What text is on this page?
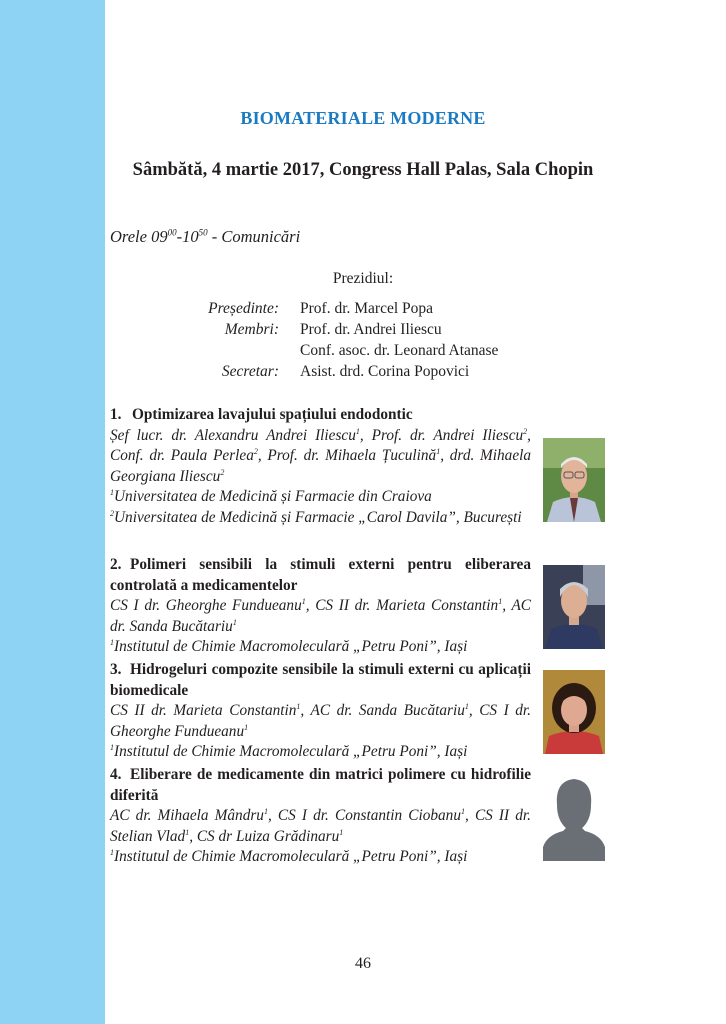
BIOMATERIALE MODERNE
Sâmbătă, 4 martie 2017, Congress Hall Palas, Sala Chopin
Orele $09^{00}-10^{50}$ - Comunicări
Prezidiul:
Președinte:	Prof. dr. Marcel Popa
Membri:	Prof. dr. Andrei Iliescu
Conf. asoc. dr. Leonard Atanase
Secretar:	Asist. drd. Corina Popovici
1. Optimizarea lavajului spațiului endodontic
Șef lucr. dr. Alexandru Andrei Iliescu$^1$, Prof. dr. Andrei Iliescu$^2$, Conf. dr. Paula Perlea$^2$, Prof. dr. Mihaela Țuculină$^1$, drd. Mihaela Georgiana Iliescu$^2$
$^1$Universitatea de Medicină și Farmacie din Craiova
$^2$Universitatea de Medicină și Farmacie „Carol Davila”, București
2. Polimeri sensibili la stimuli externi pentru eliberarea controlată a medicamentelor
CS I dr. Gheorghe Fundueanu$^1$, CS II dr. Marieta Constantin$^1$, AC dr. Sanda Bucătariu$^1$
$^1$Institutul de Chimie Macromoleculară „Petru Poni”, Iași
3. Hidrogeluri compozite sensibile la stimuli externi cu aplicații biomedicale
CS II dr. Marieta Constantin$^1$, AC dr. Sanda Bucătariu$^1$, CS I dr. Gheorghe Fundueanu$^1$
$^1$Institutul de Chimie Macromoleculară „Petru Poni”, Iași
4. Eliberare de medicamente din matrici polimere cu hidrofilie diferită
AC dr. Mihaela Mândru$^1$, CS I dr. Constantin Ciobanu$^1$, CS II dr. Stelian Vlad$^1$, CS dr Luiza Grădinaru$^1$
$^1$Institutul de Chimie Macromoleculară „Petru Poni”, Iași
46
